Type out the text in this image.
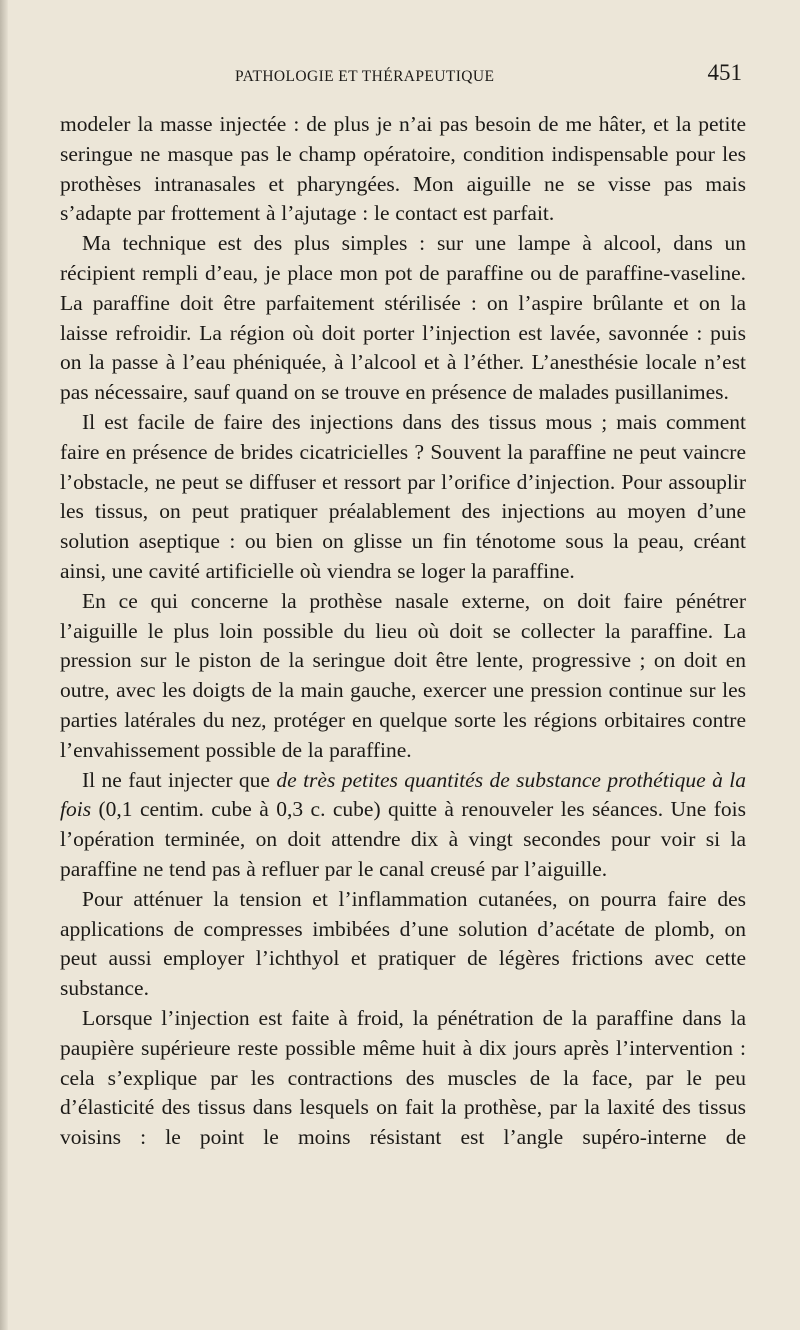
PATHOLOGIE ET THÉRAPEUTIQUE	451

modeler la masse injectée : de plus je n’ai pas besoin de me hâter, et la petite seringue ne masque pas le champ opératoire, condition indispensable pour les prothèses intranasales et pharyngées. Mon aiguille ne se visse pas mais s’adapte par frottement à l’ajutage : le contact est parfait.

Ma technique est des plus simples : sur une lampe à alcool, dans un récipient rempli d’eau, je place mon pot de paraffine ou de paraffine-vaseline. La paraffine doit être parfaitement stérilisée : on l’aspire brûlante et on la laisse refroidir. La région où doit porter l’injection est lavée, savonnée : puis on la passe à l’eau phéniquée, à l’alcool et à l’éther. L’anesthésie locale n’est pas nécessaire, sauf quand on se trouve en présence de malades pusillanimes.

Il est facile de faire des injections dans des tissus mous ; mais comment faire en présence de brides cicatricielles ? Souvent la paraffine ne peut vaincre l’obstacle, ne peut se diffuser et ressort par l’orifice d’injection. Pour assouplir les tissus, on peut pratiquer préalablement des injections au moyen d’une solution aseptique : ou bien on glisse un fin ténotome sous la peau, créant ainsi, une cavité artificielle où viendra se loger la paraffine.

En ce qui concerne la prothèse nasale externe, on doit faire pénétrer l’aiguille le plus loin possible du lieu où doit se collecter la paraffine. La pression sur le piston de la seringue doit être lente, progressive ; on doit en outre, avec les doigts de la main gauche, exercer une pression continue sur les parties latérales du nez, protéger en quelque sorte les régions orbitaires contre l’envahissement possible de la paraffine.

Il ne faut injecter que de très petites quantités de substance prothétique à la fois (0,1 centim. cube à 0,3 c. cube) quitte à renouveler les séances. Une fois l’opération terminée, on doit attendre dix à vingt secondes pour voir si la paraffine ne tend pas à refluer par le canal creusé par l’aiguille.

Pour atténuer la tension et l’inflammation cutanées, on pourra faire des applications de compresses imbibées d’une solution d’acétate de plomb, on peut aussi employer l’ichthyol et pratiquer de légères frictions avec cette substance.

Lorsque l’injection est faite à froid, la pénétration de la paraffine dans la paupière supérieure reste possible même huit à dix jours après l’intervention : cela s’explique par les contractions des muscles de la face, par le peu d’élasticité des tissus dans lesquels on fait la prothèse, par la laxité des tissus voisins : le point le moins résistant est l’angle supéro-interne de
